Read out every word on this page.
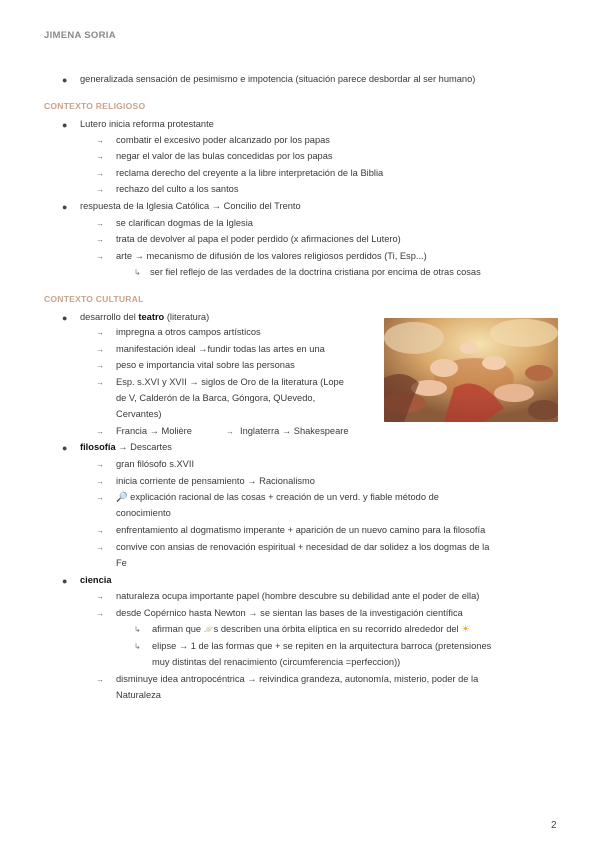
JIMENA SORIA
● generalizada sensación de pesimismo e impotencia (situación parece desbordar al ser humano)
CONTEXTO RELIGIOSO
● Lutero inicia reforma protestante
→ combatir el excesivo poder alcanzado por los papas
→ negar el valor de las bulas concedidas por los papas
→ reclama derecho del creyente a la libre interpretación de la Biblia
→ rechazo del culto a los santos
● respuesta de la Iglesia Católica → Concilio del Trento
→ se clarifican dogmas de la Iglesia
→ trata de devolver al papa el poder perdido (x afirmaciones del Lutero)
→ arte → mecanismo de difusión de los valores religiosos perdidos (Ti, Esp...)
↳ ser fiel reflejo de las verdades de la doctrina cristiana por encima de otras cosas
CONTEXTO CULTURAL
● desarrollo del teatro (literatura)
→ impregna a otros campos artísticos
→ manifestación ideal →fundir todas las artes en una
→ peso e importancia vital sobre las personas
→ Esp. s.XVI y XVII → siglos de Oro de la literatura (Lope
de V, Calderón de la Barca, Góngora, QUevedo,
Cervantes)
→ Francia → Molière	→ Inglaterra → Shakespeare
● filosofía → Descartes
→ gran filósofo s.XVII
→ inicia corriente de pensamiento → Racionalismo
→ 🔎 explicación racional de las cosas + creación de un verd. y fiable método de
conocimiento
→ enfrentamiento al dogmatismo imperante + aparición de un nuevo camino para la filosofía
→ convive con ansias de renovación espiritual + necesidad de dar solidez a los dogmas de la
Fe
● ciencia
→ naturaleza ocupa importante papel (hombre descubre su debilidad ante el poder de ella)
→ desde Copérnico hasta Newton → se sientan las bases de la investigación científica
↳ afirman que 🪐s describen una órbita elíptica en su recorrido alrededor del ☀
↳ elipse → 1 de las formas que + se repiten en la arquitectura barroca (pretensiones
muy distintas del renacimiento (circumferencia =perfeccion))
→ disminuye idea antropocéntrica → reivindica grandeza, autonomía, misterio, poder de la
Naturaleza
2
